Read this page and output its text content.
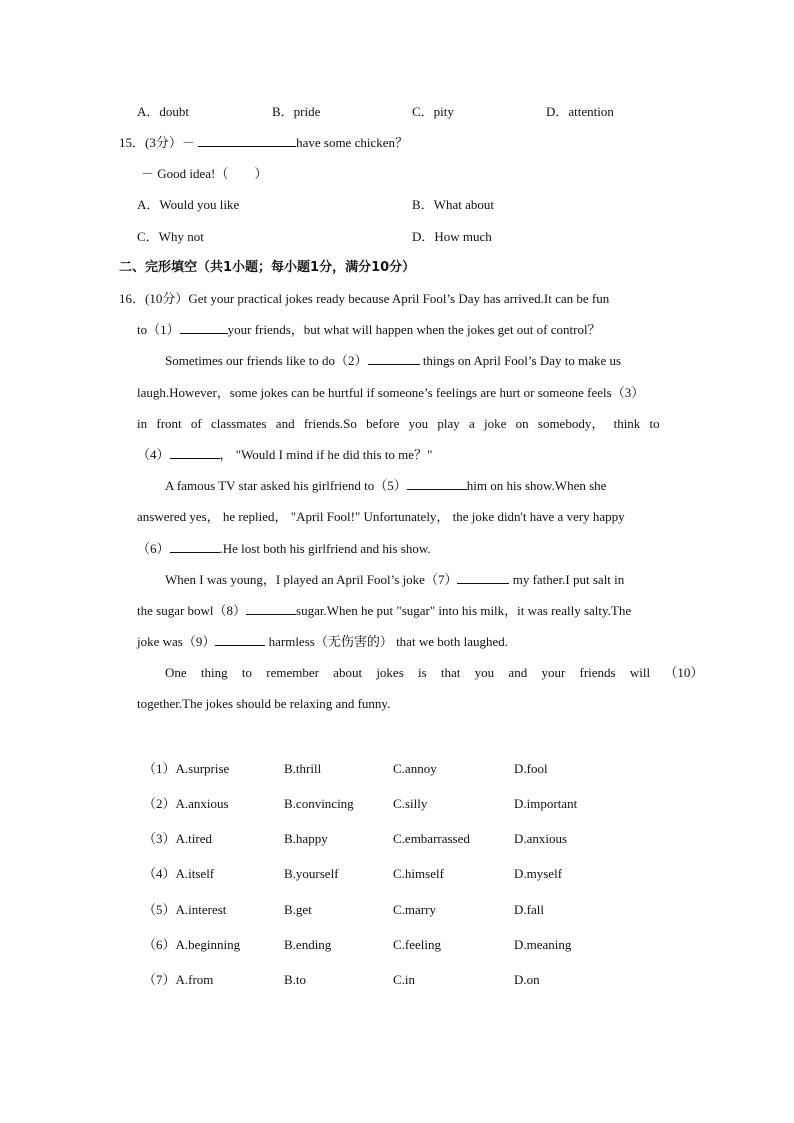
A．doubt	B．pride	C．pity	D．attention
15．(3分）－	have some chicken？
－ Good idea!（　　）
A．Would you like	B．What about
C．Why not	D．How much
二、完形填空（共1小题；每小题1分，满分10分）
16．(10分）Get your practical jokes ready because April Fool’s Day has arrived.It can be fun
to（1）	your friends，but what will happen when the jokes get out of control？
Sometimes our friends like to do（2）	things on April Fool’s Day to make us
laugh.However，some jokes can be hurtful if someone’s feelings are hurt or someone feels（3）
in front of classmates and friends.So before you play a joke on somebody， think to
（4）	， "Would I mind if he did this to me？"
A famous TV star asked his girlfriend to（5）	him on his show.When she
answered yes， he replied， "April Fool!" Unfortunately， the joke didn't have a very happy
（6）	.He lost both his girlfriend and his show.
When I was young，I played an April Fool’s joke（7）	my father.I put salt in
the sugar bowl（8）	sugar.When he put "sugar" into his milk，it was really salty.The
joke was（9）	harmless（无伤害的） that we both laughed.
One thing to remember about jokes is that you and your friends will （10）
together.The jokes should be relaxing and funny.
（1）A.surprise	B.thrill	C.annoy	D.fool
（2）A.anxious	B.convincing	C.silly	D.important
（3）A.tired	B.happy	C.embarrassed	D.anxious
（4）A.itself	B.yourself	C.himself	D.myself
（5）A.interest	B.get	C.marry	D.fall
（6）A.beginning	B.ending	C.feeling	D.meaning
（7）A.from	B.to	C.in	D.on
